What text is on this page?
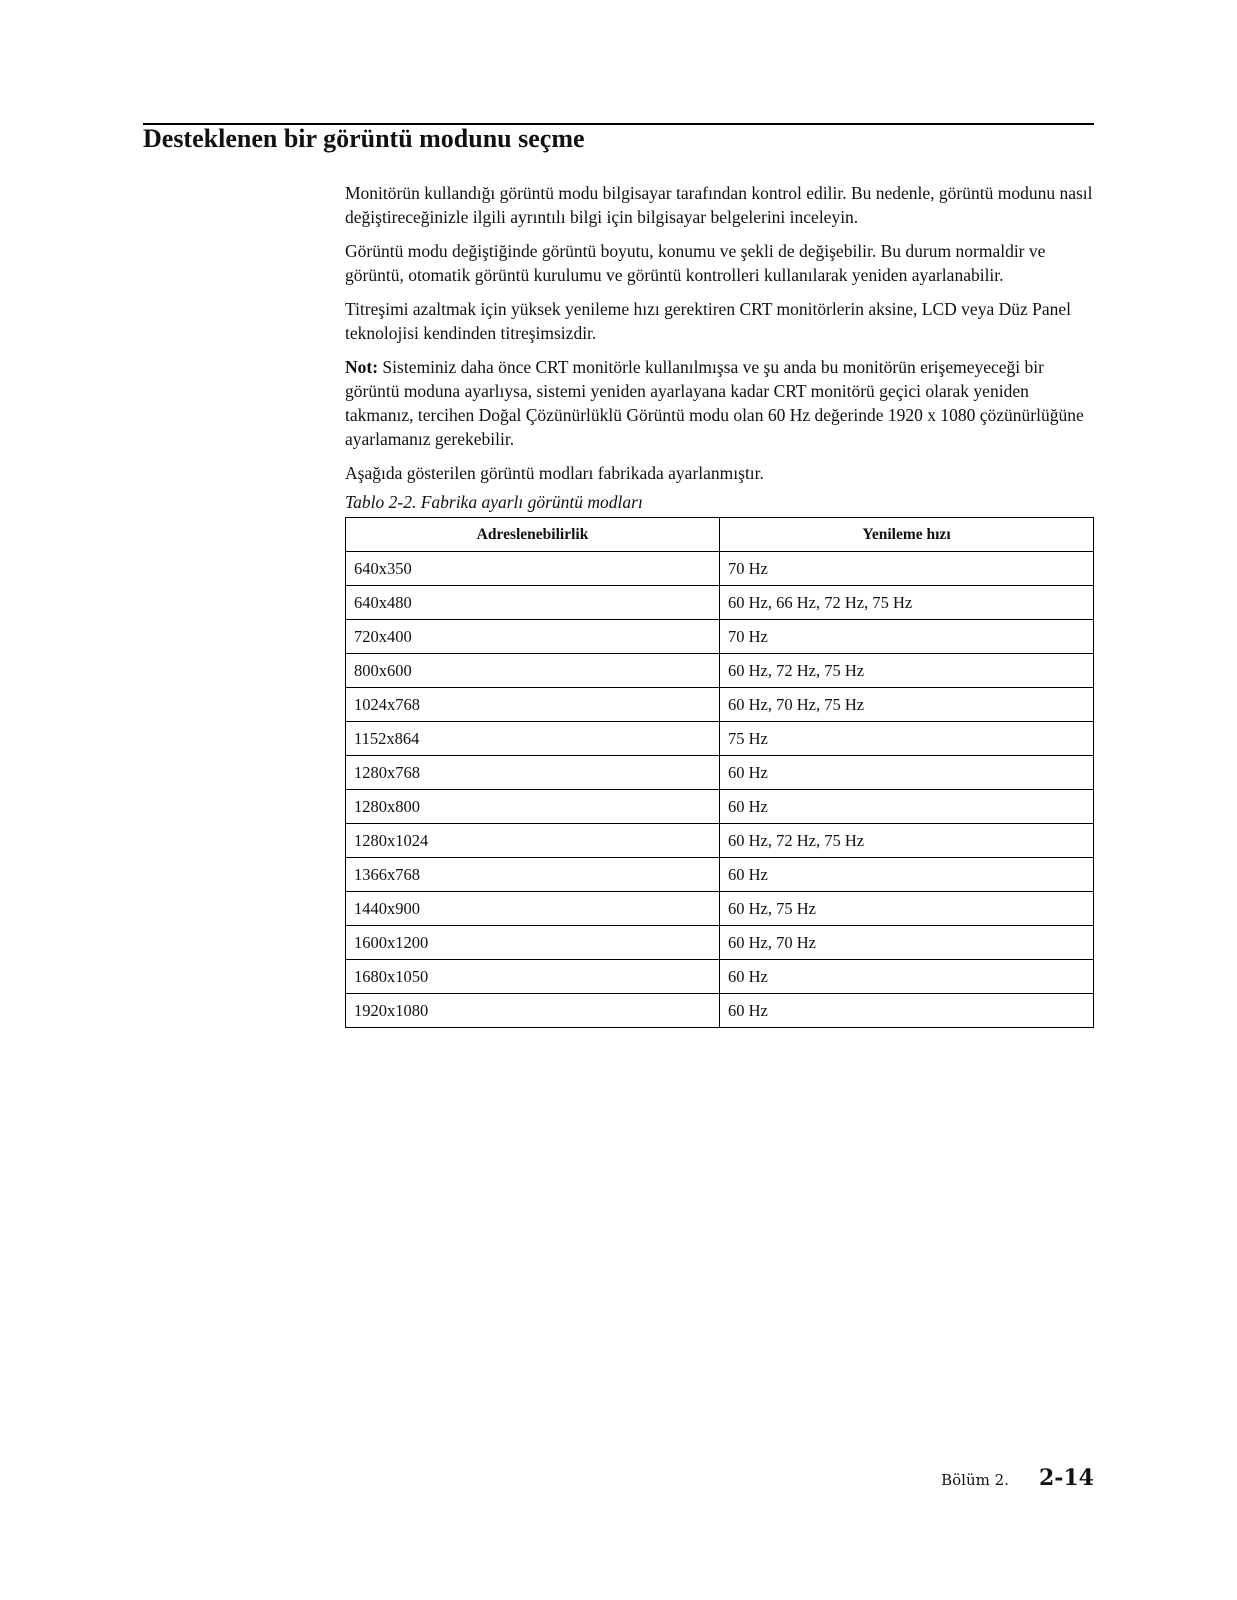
Desteklenen bir görüntü modunu seçme

Monitörün kullandığı görüntü modu bilgisayar tarafından kontrol edilir. Bu nedenle, görüntü modunu nasıl değiştireceğinizle ilgili ayrıntılı bilgi için bilgisayar belgelerini inceleyin.

Görüntü modu değiştiğinde görüntü boyutu, konumu ve şekli de değişebilir. Bu durum normaldir ve görüntü, otomatik görüntü kurulumu ve görüntü kontrolleri kullanılarak yeniden ayarlanabilir.

Titreşimi azaltmak için yüksek yenileme hızı gerektiren CRT monitörlerin aksine, LCD veya Düz Panel teknolojisi kendinden titreşimsizdir.

Not: Sisteminiz daha önce CRT monitörle kullanılmışsa ve şu anda bu monitörün erişemeyeceği bir görüntü moduna ayarlıysa, sistemi yeniden ayarlayana kadar CRT monitörü geçici olarak yeniden takmanız, tercihen Doğal Çözünürlüklü Görüntü modu olan 60 Hz değerinde 1920 x 1080 çözünürlüğüne ayarlamanız gerekebilir.

Aşağıda gösterilen görüntü modları fabrikada ayarlanmıştır.

Tablo 2-2. Fabrika ayarlı görüntü modları

Adreslenebilirlik	Yenileme hızı
640x350	70 Hz
640x480	60 Hz, 66 Hz, 72 Hz, 75 Hz
720x400	70 Hz
800x600	60 Hz, 72 Hz, 75 Hz
1024x768	60 Hz, 70 Hz, 75 Hz
1152x864	75 Hz
1280x768	60 Hz
1280x800	60 Hz
1280x1024	60 Hz, 72 Hz, 75 Hz
1366x768	60 Hz
1440x900	60 Hz, 75 Hz
1600x1200	60 Hz, 70 Hz
1680x1050	60 Hz
1920x1080	60 Hz
Bölüm 2. 2-14
